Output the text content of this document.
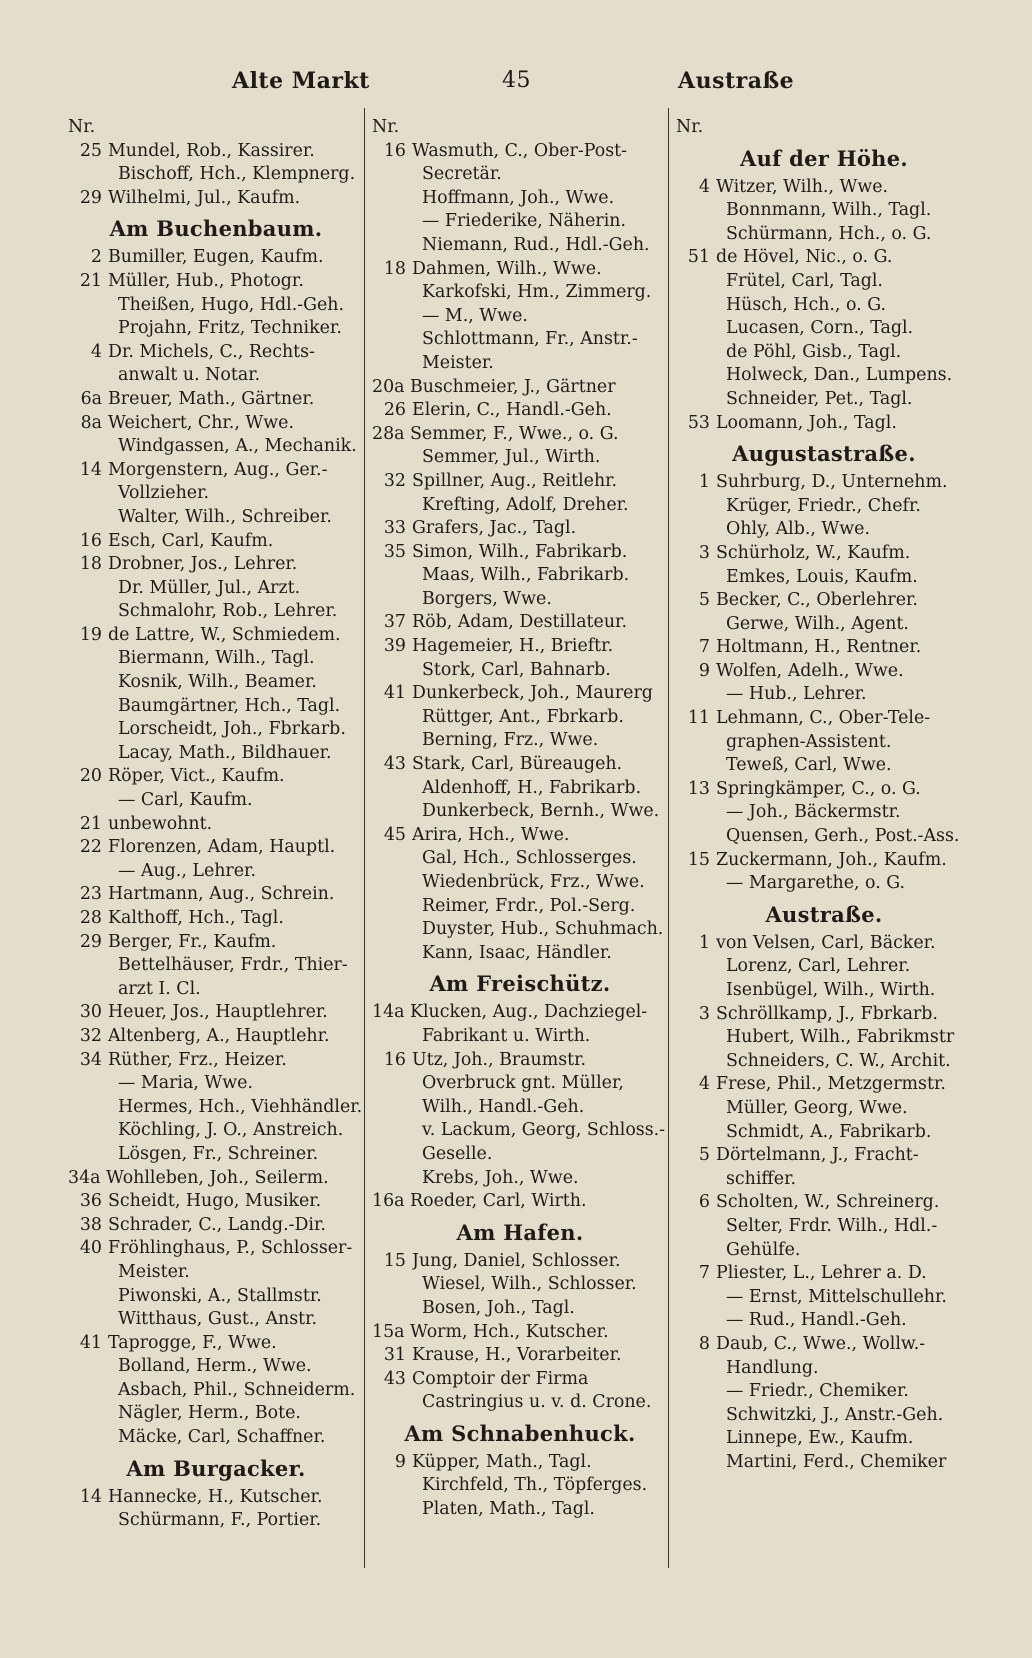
Alte Markt	45	Austraße
Nr.
25 Mundel, Rob., Kassirer.
Bischoff, Hch., Klempnerg.
29 Wilhelmi, Jul., Kaufm.
Am Buchenbaum.
2 Bumiller, Eugen, Kaufm.
21 Müller, Hub., Photogr.
Theißen, Hugo, Hdl.-Geh.
Projahn, Fritz, Techniker.
4 Dr. Michels, C., Rechts-
anwalt u. Notar.
6a Breuer, Math., Gärtner.
8a Weichert, Chr., Wwe.
Windgassen, A., Mechanik.
14 Morgenstern, Aug., Ger.-
Vollzieher.
Walter, Wilh., Schreiber.
16 Esch, Carl, Kaufm.
18 Drobner, Jos., Lehrer.
Dr. Müller, Jul., Arzt.
Schmalohr, Rob., Lehrer.
19 de Lattre, W., Schmiedem.
Biermann, Wilh., Tagl.
Kosnik, Wilh., Beamer.
Baumgärtner, Hch., Tagl.
Lorscheidt, Joh., Fbrkarb.
Lacay, Math., Bildhauer.
20 Röper, Vict., Kaufm.
— Carl, Kaufm.
21 unbewohnt.
22 Florenzen, Adam, Hauptl.
— Aug., Lehrer.
23 Hartmann, Aug., Schrein.
28 Kalthoff, Hch., Tagl.
29 Berger, Fr., Kaufm.
Bettelhäuser, Frdr., Thier-
arzt I. Cl.
30 Heuer, Jos., Hauptlehrer.
32 Altenberg, A., Hauptlehr.
34 Rüther, Frz., Heizer.
— Maria, Wwe.
Hermes, Hch., Viehhändler.
Köchling, J. O., Anstreich.
Lösgen, Fr., Schreiner.
34a Wohlleben, Joh., Seilerm.
36 Scheidt, Hugo, Musiker.
38 Schrader, C., Landg.-Dir.
40 Fröhlinghaus, P., Schlosser-
Meister.
Piwonski, A., Stallmstr.
Witthaus, Gust., Anstr.
41 Taprogge, F., Wwe.
Bolland, Herm., Wwe.
Asbach, Phil., Schneiderm.
Nägler, Herm., Bote.
Mäcke, Carl, Schaffner.
Am Burgacker.
14 Hannecke, H., Kutscher.
Schürmann, F., Portier.
Nr.
16 Wasmuth, C., Ober-Post-
Secretär.
Hoffmann, Joh., Wwe.
— Friederike, Näherin.
Niemann, Rud., Hdl.-Geh.
18 Dahmen, Wilh., Wwe.
Karkofski, Hm., Zimmerg.
— M., Wwe.
Schlottmann, Fr., Anstr.-
Meister.
20a Buschmeier, J., Gärtner
26 Elerin, C., Handl.-Geh.
28a Semmer, F., Wwe., o. G.
Semmer, Jul., Wirth.
32 Spillner, Aug., Reitlehr.
Krefting, Adolf, Dreher.
33 Grafers, Jac., Tagl.
35 Simon, Wilh., Fabrikarb.
Maas, Wilh., Fabrikarb.
Borgers, Wwe.
37 Röb, Adam, Destillateur.
39 Hagemeier, H., Brieftr.
Stork, Carl, Bahnarb.
41 Dunkerbeck, Joh., Maurerg
Rüttger, Ant., Fbrkarb.
Berning, Frz., Wwe.
43 Stark, Carl, Büreaugeh.
Aldenhoff, H., Fabrikarb.
Dunkerbeck, Bernh., Wwe.
45 Arira, Hch., Wwe.
Gal, Hch., Schlosserges.
Wiedenbrück, Frz., Wwe.
Reimer, Frdr., Pol.-Serg.
Duyster, Hub., Schuhmach.
Kann, Isaac, Händler.
Am Freischütz.
14a Klucken, Aug., Dachziegel-
Fabrikant u. Wirth.
16 Utz, Joh., Braumstr.
Overbruck gnt. Müller,
Wilh., Handl.-Geh.
v. Lackum, Georg, Schloss.-
Geselle.
Krebs, Joh., Wwe.
16a Roeder, Carl, Wirth.
Am Hafen.
15 Jung, Daniel, Schlosser.
Wiesel, Wilh., Schlosser.
Bosen, Joh., Tagl.
15a Worm, Hch., Kutscher.
31 Krause, H., Vorarbeiter.
43 Comptoir der Firma
Castringius u. v. d. Crone.
Am Schnabenhuck.
9 Küpper, Math., Tagl.
Kirchfeld, Th., Töpferges.
Platen, Math., Tagl.
Nr.
Auf der Höhe.
4 Witzer, Wilh., Wwe.
Bonnmann, Wilh., Tagl.
Schürmann, Hch., o. G.
51 de Hövel, Nic., o. G.
Frütel, Carl, Tagl.
Hüsch, Hch., o. G.
Lucasen, Corn., Tagl.
de Pöhl, Gisb., Tagl.
Holweck, Dan., Lumpens.
Schneider, Pet., Tagl.
53 Loomann, Joh., Tagl.
Augustastraße.
1 Suhrburg, D., Unternehm.
Krüger, Friedr., Chefr.
Ohly, Alb., Wwe.
3 Schürholz, W., Kaufm.
Emkes, Louis, Kaufm.
5 Becker, C., Oberlehrer.
Gerwe, Wilh., Agent.
7 Holtmann, H., Rentner.
9 Wolfen, Adelh., Wwe.
— Hub., Lehrer.
11 Lehmann, C., Ober-Tele-
graphen-Assistent.
Teweß, Carl, Wwe.
13 Springkämper, C., o. G.
— Joh., Bäckermstr.
Quensen, Gerh., Post.-Ass.
15 Zuckermann, Joh., Kaufm.
— Margarethe, o. G.
Austraße.
1 von Velsen, Carl, Bäcker.
Lorenz, Carl, Lehrer.
Isenbügel, Wilh., Wirth.
3 Schröllkamp, J., Fbrkarb.
Hubert, Wilh., Fabrikmstr
Schneiders, C. W., Archit.
4 Frese, Phil., Metzgermstr.
Müller, Georg, Wwe.
Schmidt, A., Fabrikarb.
5 Dörtelmann, J., Fracht-
schiffer.
6 Scholten, W., Schreinerg.
Selter, Frdr. Wilh., Hdl.-
Gehülfe.
7 Pliester, L., Lehrer a. D.
— Ernst, Mittelschullehr.
— Rud., Handl.-Geh.
8 Daub, C., Wwe., Wollw.-
Handlung.
— Friedr., Chemiker.
Schwitzki, J., Anstr.-Geh.
Linnepe, Ew., Kaufm.
Martini, Ferd., Chemiker
